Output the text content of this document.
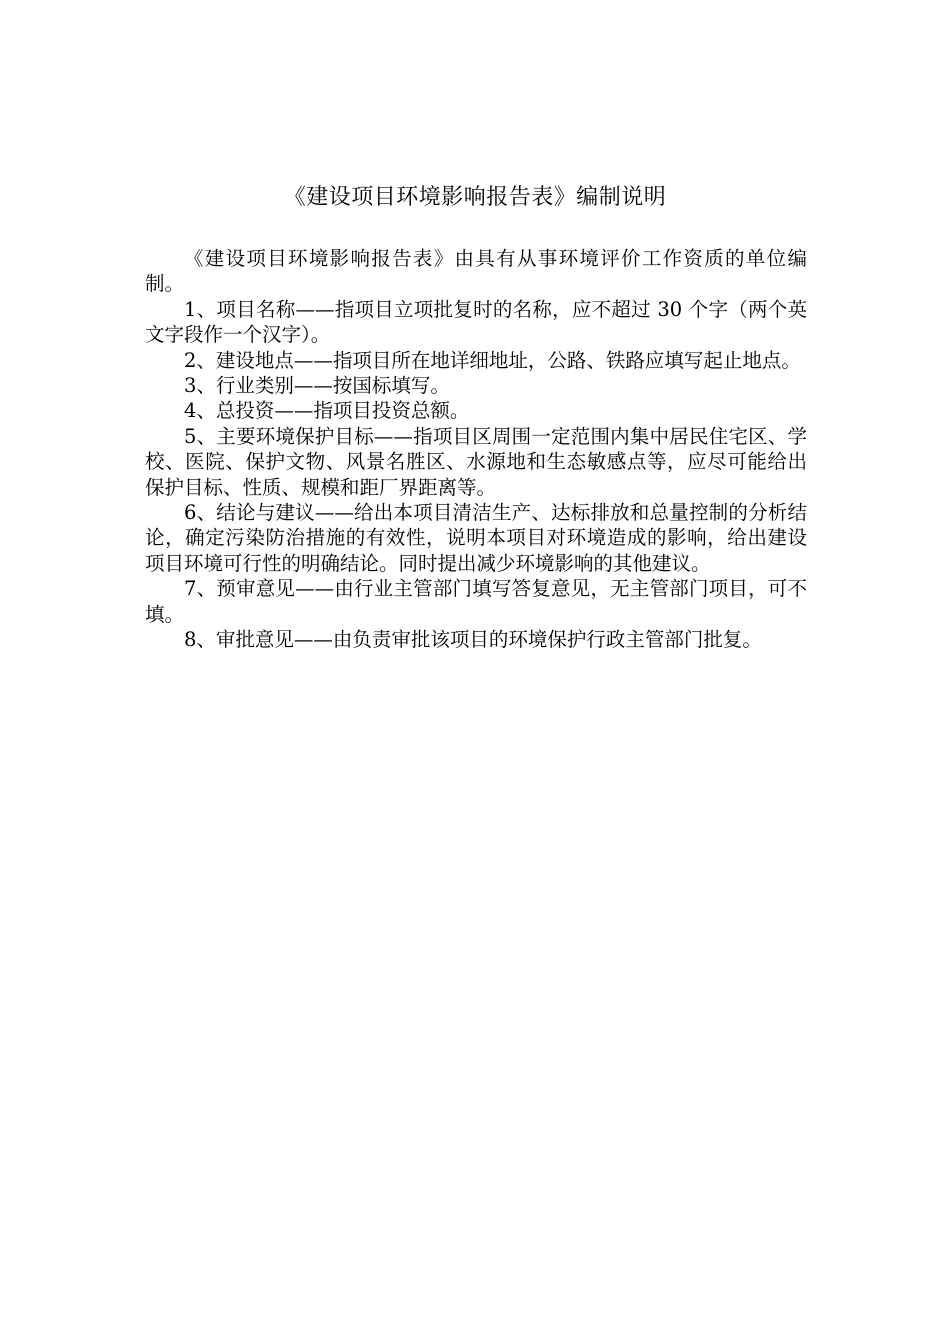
《建设项目环境影响报告表》编制说明

《建设项目环境影响报告表》由具有从事环境评价工作资质的单位编制。

1、项目名称——指项目立项批复时的名称，应不超过 30 个字（两个英文字段作一个汉字）。

2、建设地点——指项目所在地详细地址，公路、铁路应填写起止地点。

3、行业类别——按国标填写。

4、总投资——指项目投资总额。

5、主要环境保护目标——指项目区周围一定范围内集中居民住宅区、学校、医院、保护文物、风景名胜区、水源地和生态敏感点等，应尽可能给出保护目标、性质、规模和距厂界距离等。

6、结论与建议——给出本项目清洁生产、达标排放和总量控制的分析结论，确定污染防治措施的有效性，说明本项目对环境造成的影响，给出建设项目环境可行性的明确结论。同时提出减少环境影响的其他建议。

7、预审意见——由行业主管部门填写答复意见，无主管部门项目，可不填。

8、审批意见——由负责审批该项目的环境保护行政主管部门批复。
